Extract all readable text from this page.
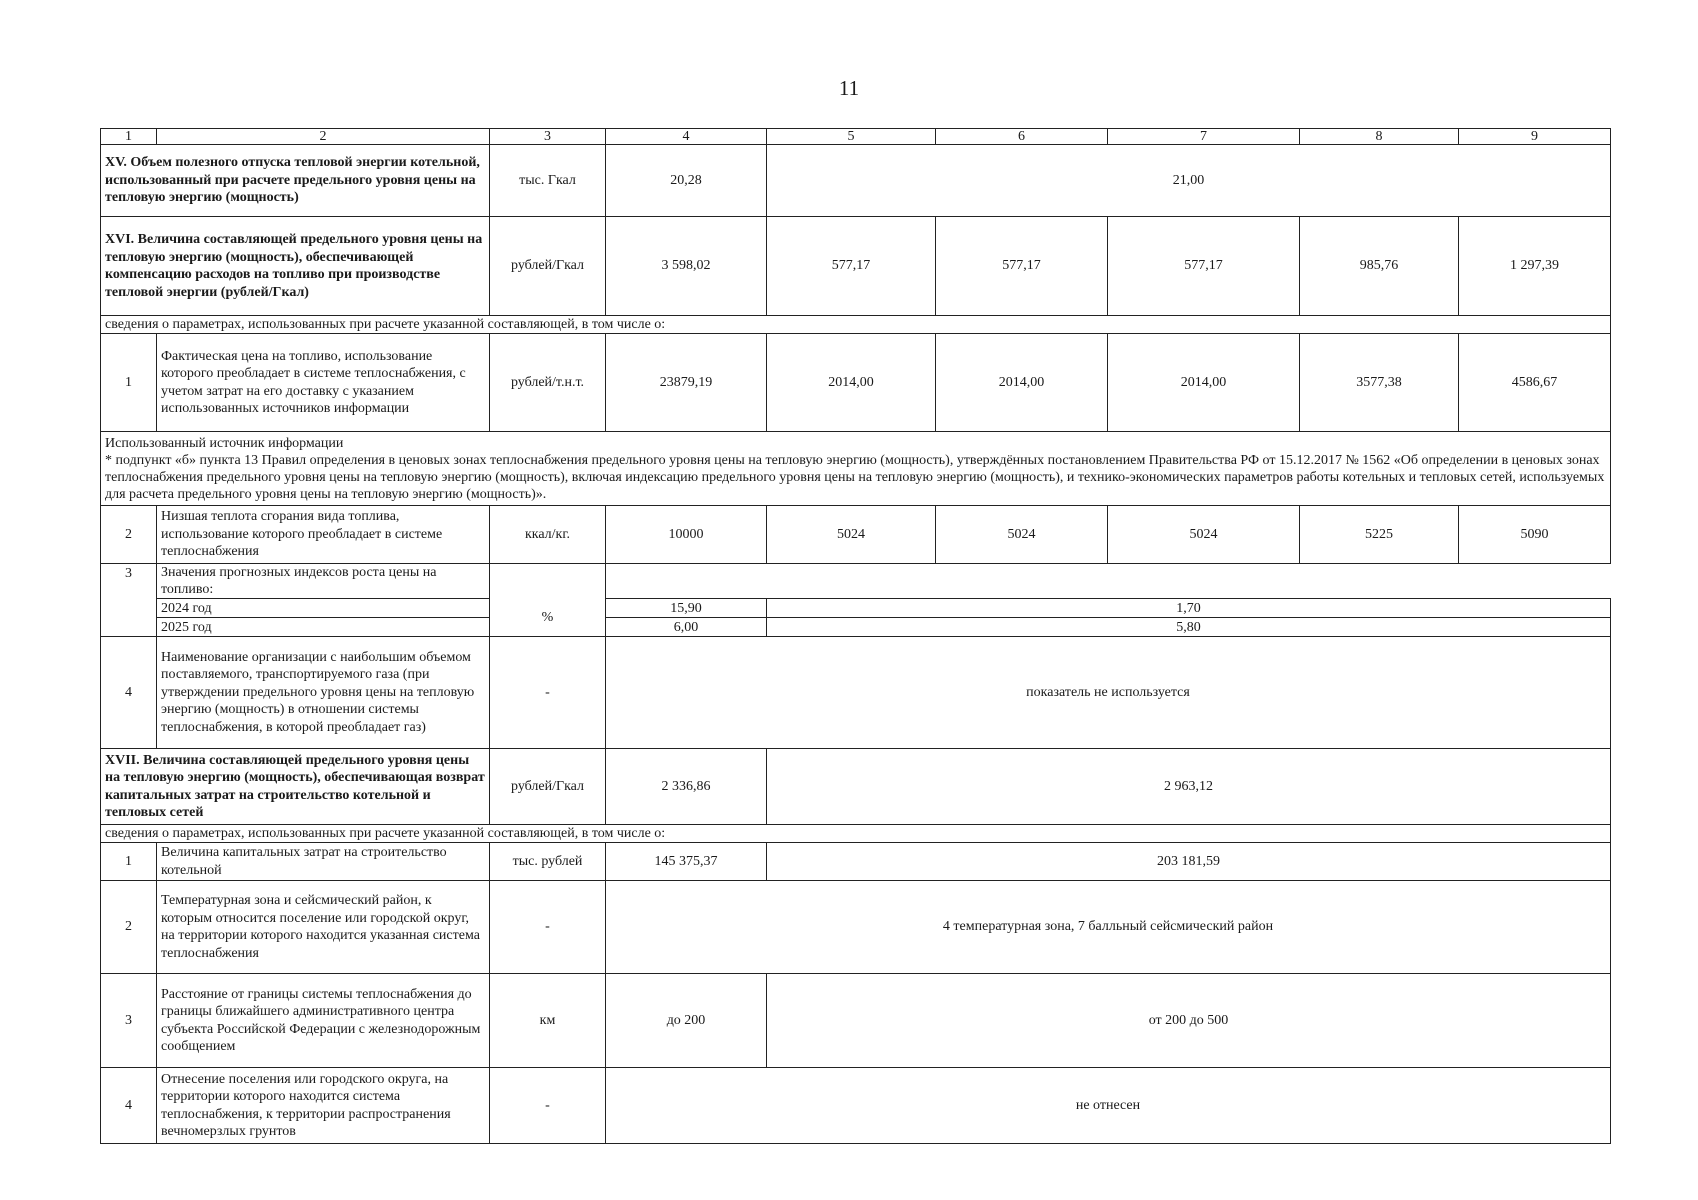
11
1	2	3	4	5	6	7	8	9
XV. Объем полезного отпуска тепловой энергии котельной, использованный при расчете предельного уровня цены на тепловую энергию (мощность)		тыс. Гкал	20,28	21,00				
XVI. Величина составляющей предельного уровня цены на тепловую энергию (мощность), обеспечивающей компенсацию расходов на топливо при производстве тепловой энергии (рублей/Гкал)		рублей/Гкал	3 598,02	577,17	577,17	577,17	985,76	1 297,39
сведения о параметрах, использованных при расчете указанной составляющей, в том числе о:								
1	Фактическая цена на топливо, использование которого преобладает в системе теплоснабжения, с учетом затрат на его доставку с указанием использованных источников информации	рублей/т.н.т.	23879,19	2014,00	2014,00	2014,00	3577,38	4586,67

Использованный источник информации
* подпункт «б» пункта 13 Правил определения в ценовых зонах теплоснабжения предельного уровня цены на тепловую энергию (мощность), утверждённых постановлением Правительства РФ от 15.12.2017 № 1562 «Об определении в ценовых зонах теплоснабжения предельного уровня цены на тепловую энергию (мощность), включая индексацию предельного уровня цены на тепловую энергию (мощность), и технико-экономических параметров работы котельных и тепловых сетей, используемых для расчета предельного уровня цены на тепловую энергию (мощность)».								

2	Низшая теплота сгорания вида топлива, использование которого преобладает в системе теплоснабжения	ккал/кг.	10000	5024	5024	5024	5225	5090
3	Значения прогнозных индексов роста цены на топливо:							
	2024 год	%	15,90	1,70				
	2025 год		6,00	5,80				
4	Наименование организации с наибольшим объемом поставляемого, транспортируемого газа (при утверждении предельного уровня цены на тепловую энергию (мощность) в отношении системы теплоснабжения, в которой преобладает газ)	-	показатель не используется					
XVII. Величина составляющей предельного уровня цены на тепловую энергию (мощность), обеспечивающая возврат капитальных затрат на строительство котельной и тепловых сетей		рублей/Гкал	2 336,86	2 963,12				
сведения о параметрах, использованных при расчете указанной составляющей, в том числе о:								
1	Величина капитальных затрат на строительство котельной	тыс. рублей	145 375,37	203 181,59				
2	Температурная зона и сейсмический район, к которым относится поселение или городской округ, на территории которого находится указанная система теплоснабжения	-	4 температурная зона, 7 балльный сейсмический район					
3	Расстояние от границы системы теплоснабжения до границы ближайшего административного центра субъекта Российской Федерации с железнодорожным сообщением	км	до 200	от 200 до 500				
4	Отнесение поселения или городского округа, на территории которого находится система теплоснабжения, к территории распространения вечномерзлых грунтов	-	не отнесен					
